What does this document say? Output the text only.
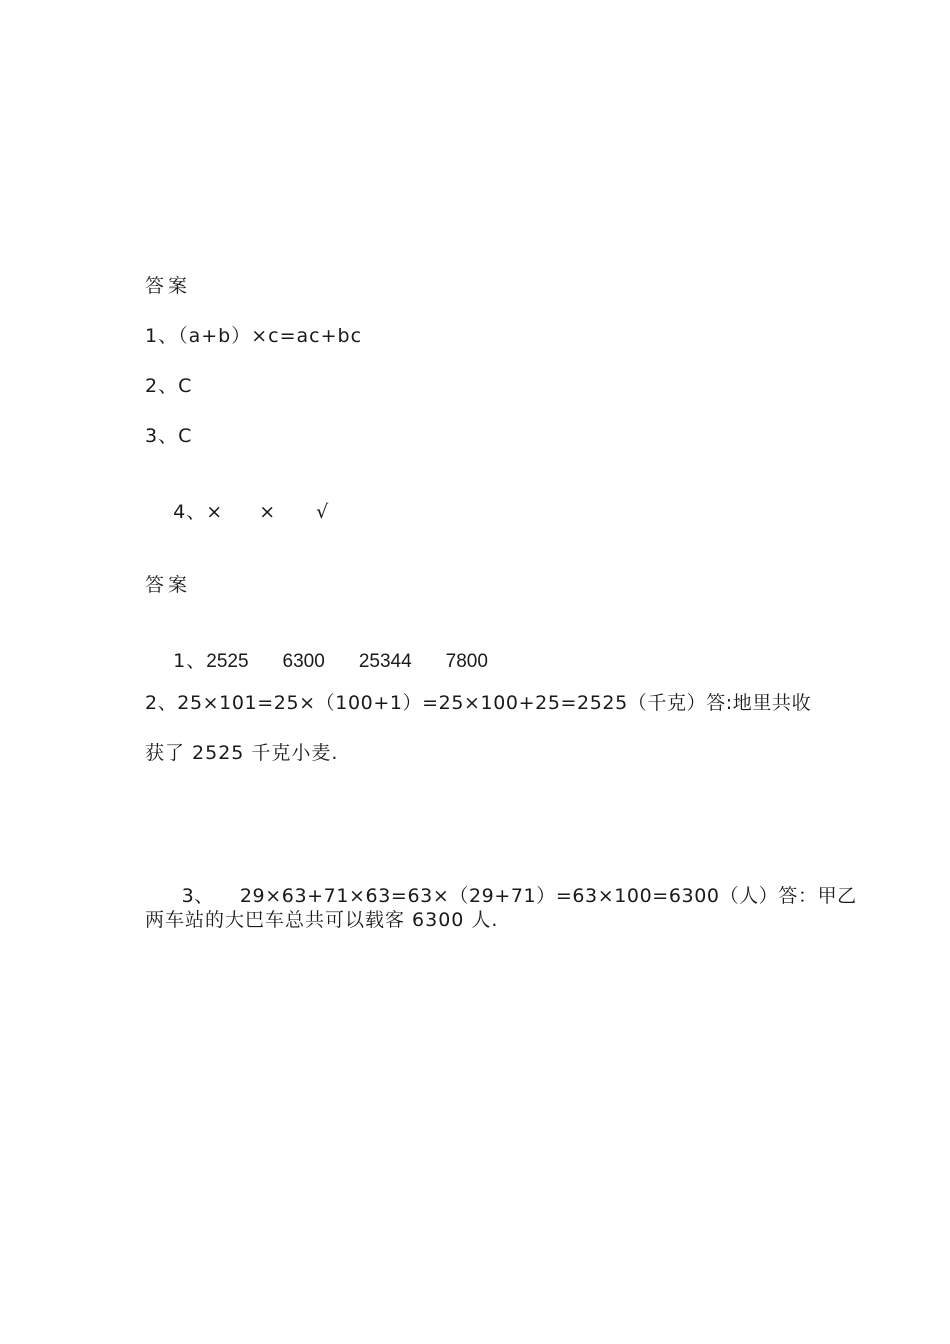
答案
1、（a+b）×c=ac+bc
2、C
3、C

4、× × √

答案

1、2525 6300 25344 7800

2、25×101=25×（100+1）=25×100+25=2525（千克）答:地里共收
获了 2525 千克小麦.

3、 29×63+71×63=63×（29+71）=63×100=6300（人）答：甲乙

两车站的大巴车总共可以载客 6300 人.
